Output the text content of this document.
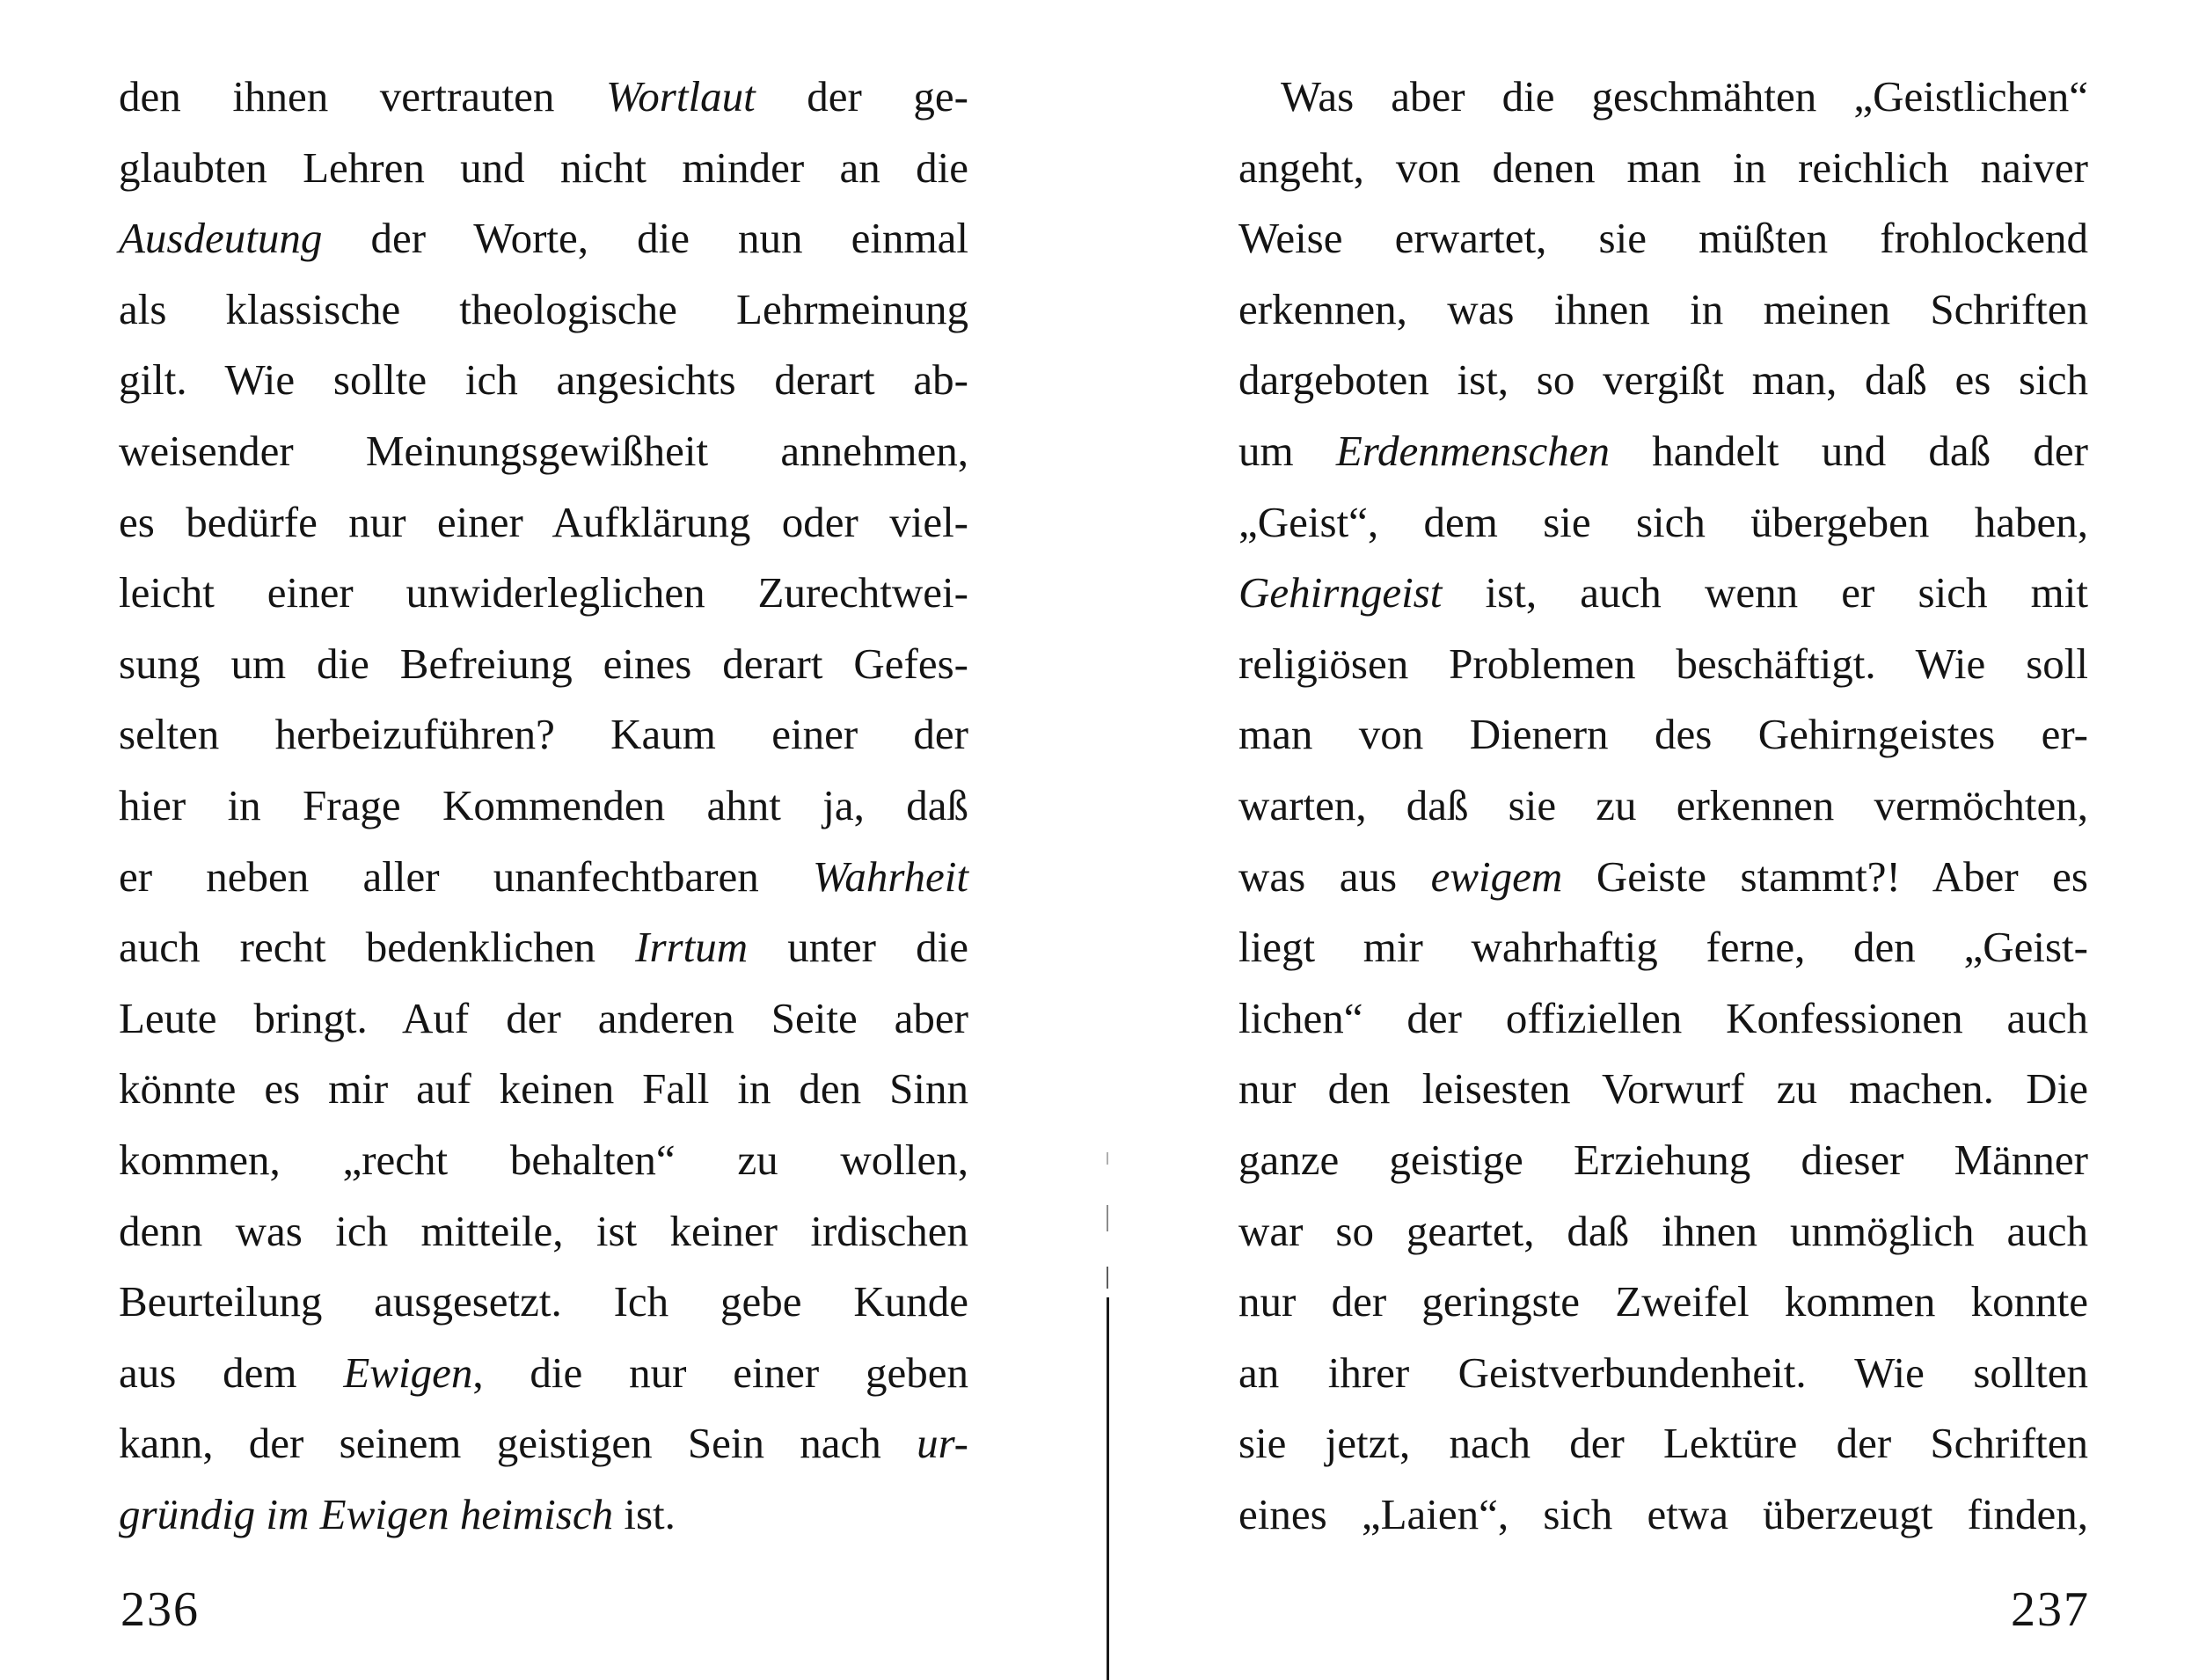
den ihnen vertrauten Wortlaut der ge-
glaubten Lehren und nicht minder an die
Ausdeutung der Worte, die nun einmal
als klassische theologische Lehrmeinung
gilt. Wie sollte ich angesichts derart ab-
weisender Meinungsgewißheit annehmen,
es bedürfe nur einer Aufklärung oder viel-
leicht einer unwiderleglichen Zurechtwei-
sung um die Befreiung eines derart Gefes-
selten herbeizuführen? Kaum einer der
hier in Frage Kommenden ahnt ja, daß
er neben aller unanfechtbaren Wahrheit
auch recht bedenklichen Irrtum unter die
Leute bringt. Auf der anderen Seite aber
könnte es mir auf keinen Fall in den Sinn
kommen, „recht behalten“ zu wollen,
denn was ich mitteile, ist keiner irdischen
Beurteilung ausgesetzt. Ich gebe Kunde
aus dem Ewigen, die nur einer geben
kann, der seinem geistigen Sein nach ur-
gründig im Ewigen heimisch ist.
236
Was aber die geschmähten „Geistlichen“
angeht, von denen man in reichlich naiver
Weise erwartet, sie müßten frohlockend
erkennen, was ihnen in meinen Schriften
dargeboten ist, so vergißt man, daß es sich
um Erdenmenschen handelt und daß der
„Geist“, dem sie sich übergeben haben,
Gehirngeist ist, auch wenn er sich mit
religiösen Problemen beschäftigt. Wie soll
man von Dienern des Gehirngeistes er-
warten, daß sie zu erkennen vermöchten,
was aus ewigem Geiste stammt?! Aber es
liegt mir wahrhaftig ferne, den „Geist-
lichen“ der offiziellen Konfessionen auch
nur den leisesten Vorwurf zu machen. Die
ganze geistige Erziehung dieser Männer
war so geartet, daß ihnen unmöglich auch
nur der geringste Zweifel kommen konnte
an ihrer Geistverbundenheit. Wie sollten
sie jetzt, nach der Lektüre der Schriften
eines „Laien“, sich etwa überzeugt finden,
237
